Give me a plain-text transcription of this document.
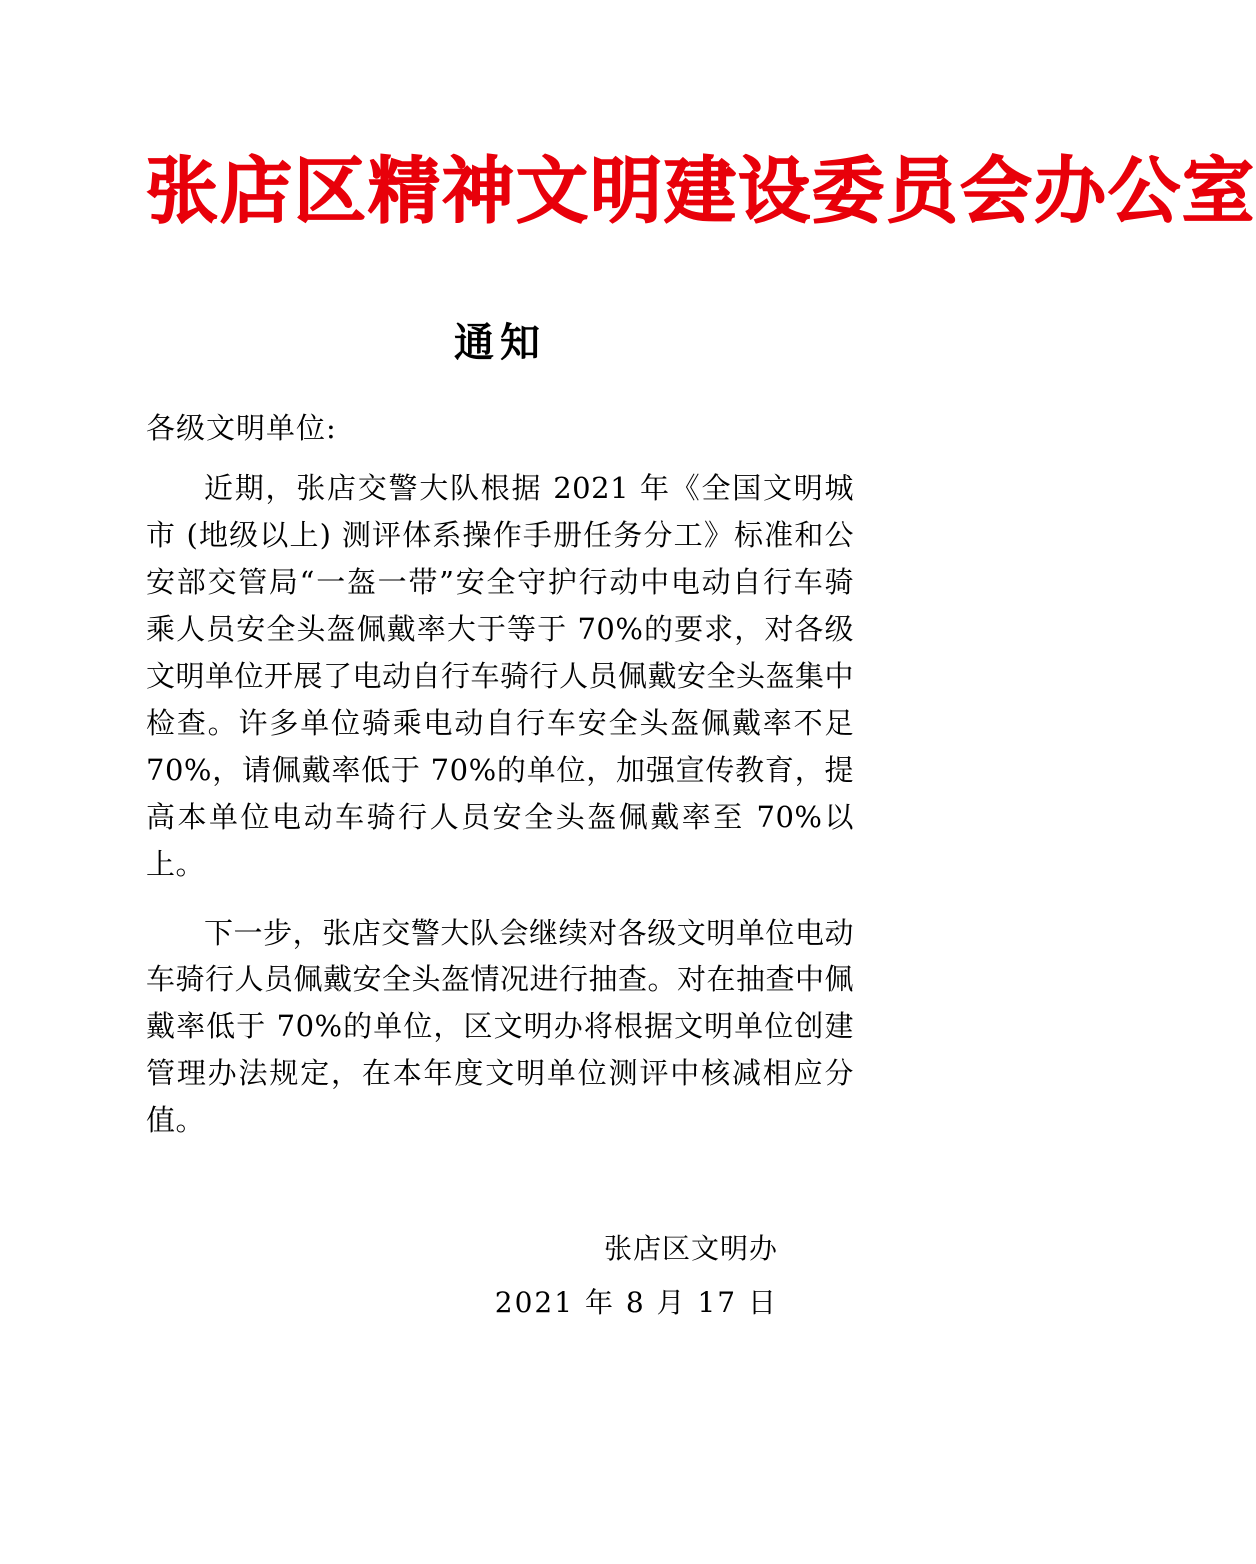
张店区精神文明建设委员会办公室
通知
各级文明单位:
近期，张店交警大队根据 2021 年《全国文明城市 (地级以上) 测评体系操作手册任务分工》标准和公安部交管局“一盔一带”安全守护行动中电动自行车骑乘人员安全头盔佩戴率大于等于 70%的要求，对各级文明单位开展了电动自行车骑行人员佩戴安全头盔集中检查。许多单位骑乘电动自行车安全头盔佩戴率不足 70%，请佩戴率低于 70%的单位，加强宣传教育，提高本单位电动车骑行人员安全头盔佩戴率至 70%以上。
下一步，张店交警大队会继续对各级文明单位电动车骑行人员佩戴安全头盔情况进行抽查。对在抽查中佩戴率低于 70%的单位，区文明办将根据文明单位创建管理办法规定，在本年度文明单位测评中核减相应分值。
张店区文明办
2021 年 8 月 17 日
